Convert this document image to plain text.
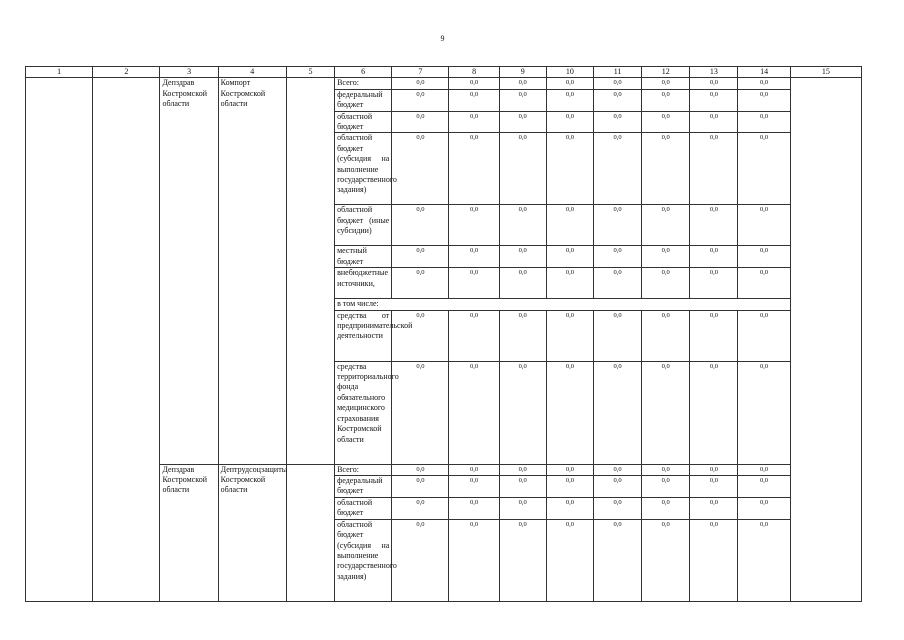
9
1	2	3	4	5	6	7	8	9	10	11	12	13	14	15
		Депздрав Костромской области	Компорт Костромской области		Всего:	0,0	0,0	0,0	0,0	0,0	0,0	0,0	0,0	
					федеральный бюджет	0,0	0,0	0,0	0,0	0,0	0,0	0,0	0,0	
					областной бюджет	0,0	0,0	0,0	0,0	0,0	0,0	0,0	0,0	
					областной бюджет (субсидия на выполнение государственного задания)	0,0	0,0	0,0	0,0	0,0	0,0	0,0	0,0	
					областной бюджет (иные субсидии)	0,0	0,0	0,0	0,0	0,0	0,0	0,0	0,0	
					местный бюджет	0,0	0,0	0,0	0,0	0,0	0,0	0,0	0,0	
					внебюджетные источники,	0,0	0,0	0,0	0,0	0,0	0,0	0,0	0,0	
					в том числе:									
					средства от предпринимательской деятельности	0,0	0,0	0,0	0,0	0,0	0,0	0,0	0,0	
					средства территориального фонда обязательного медицинского страхования Костромской области	0,0	0,0	0,0	0,0	0,0	0,0	0,0	0,0	
		Депздрав Костромской области	Дептрудсоцзащиты Костромской области		Всего:	0,0	0,0	0,0	0,0	0,0	0,0	0,0	0,0	
					федеральный бюджет	0,0	0,0	0,0	0,0	0,0	0,0	0,0	0,0	
					областной бюджет	0,0	0,0	0,0	0,0	0,0	0,0	0,0	0,0	
					областной бюджет (субсидия на выполнение государственного задания)	0,0	0,0	0,0	0,0	0,0	0,0	0,0	0,0	
